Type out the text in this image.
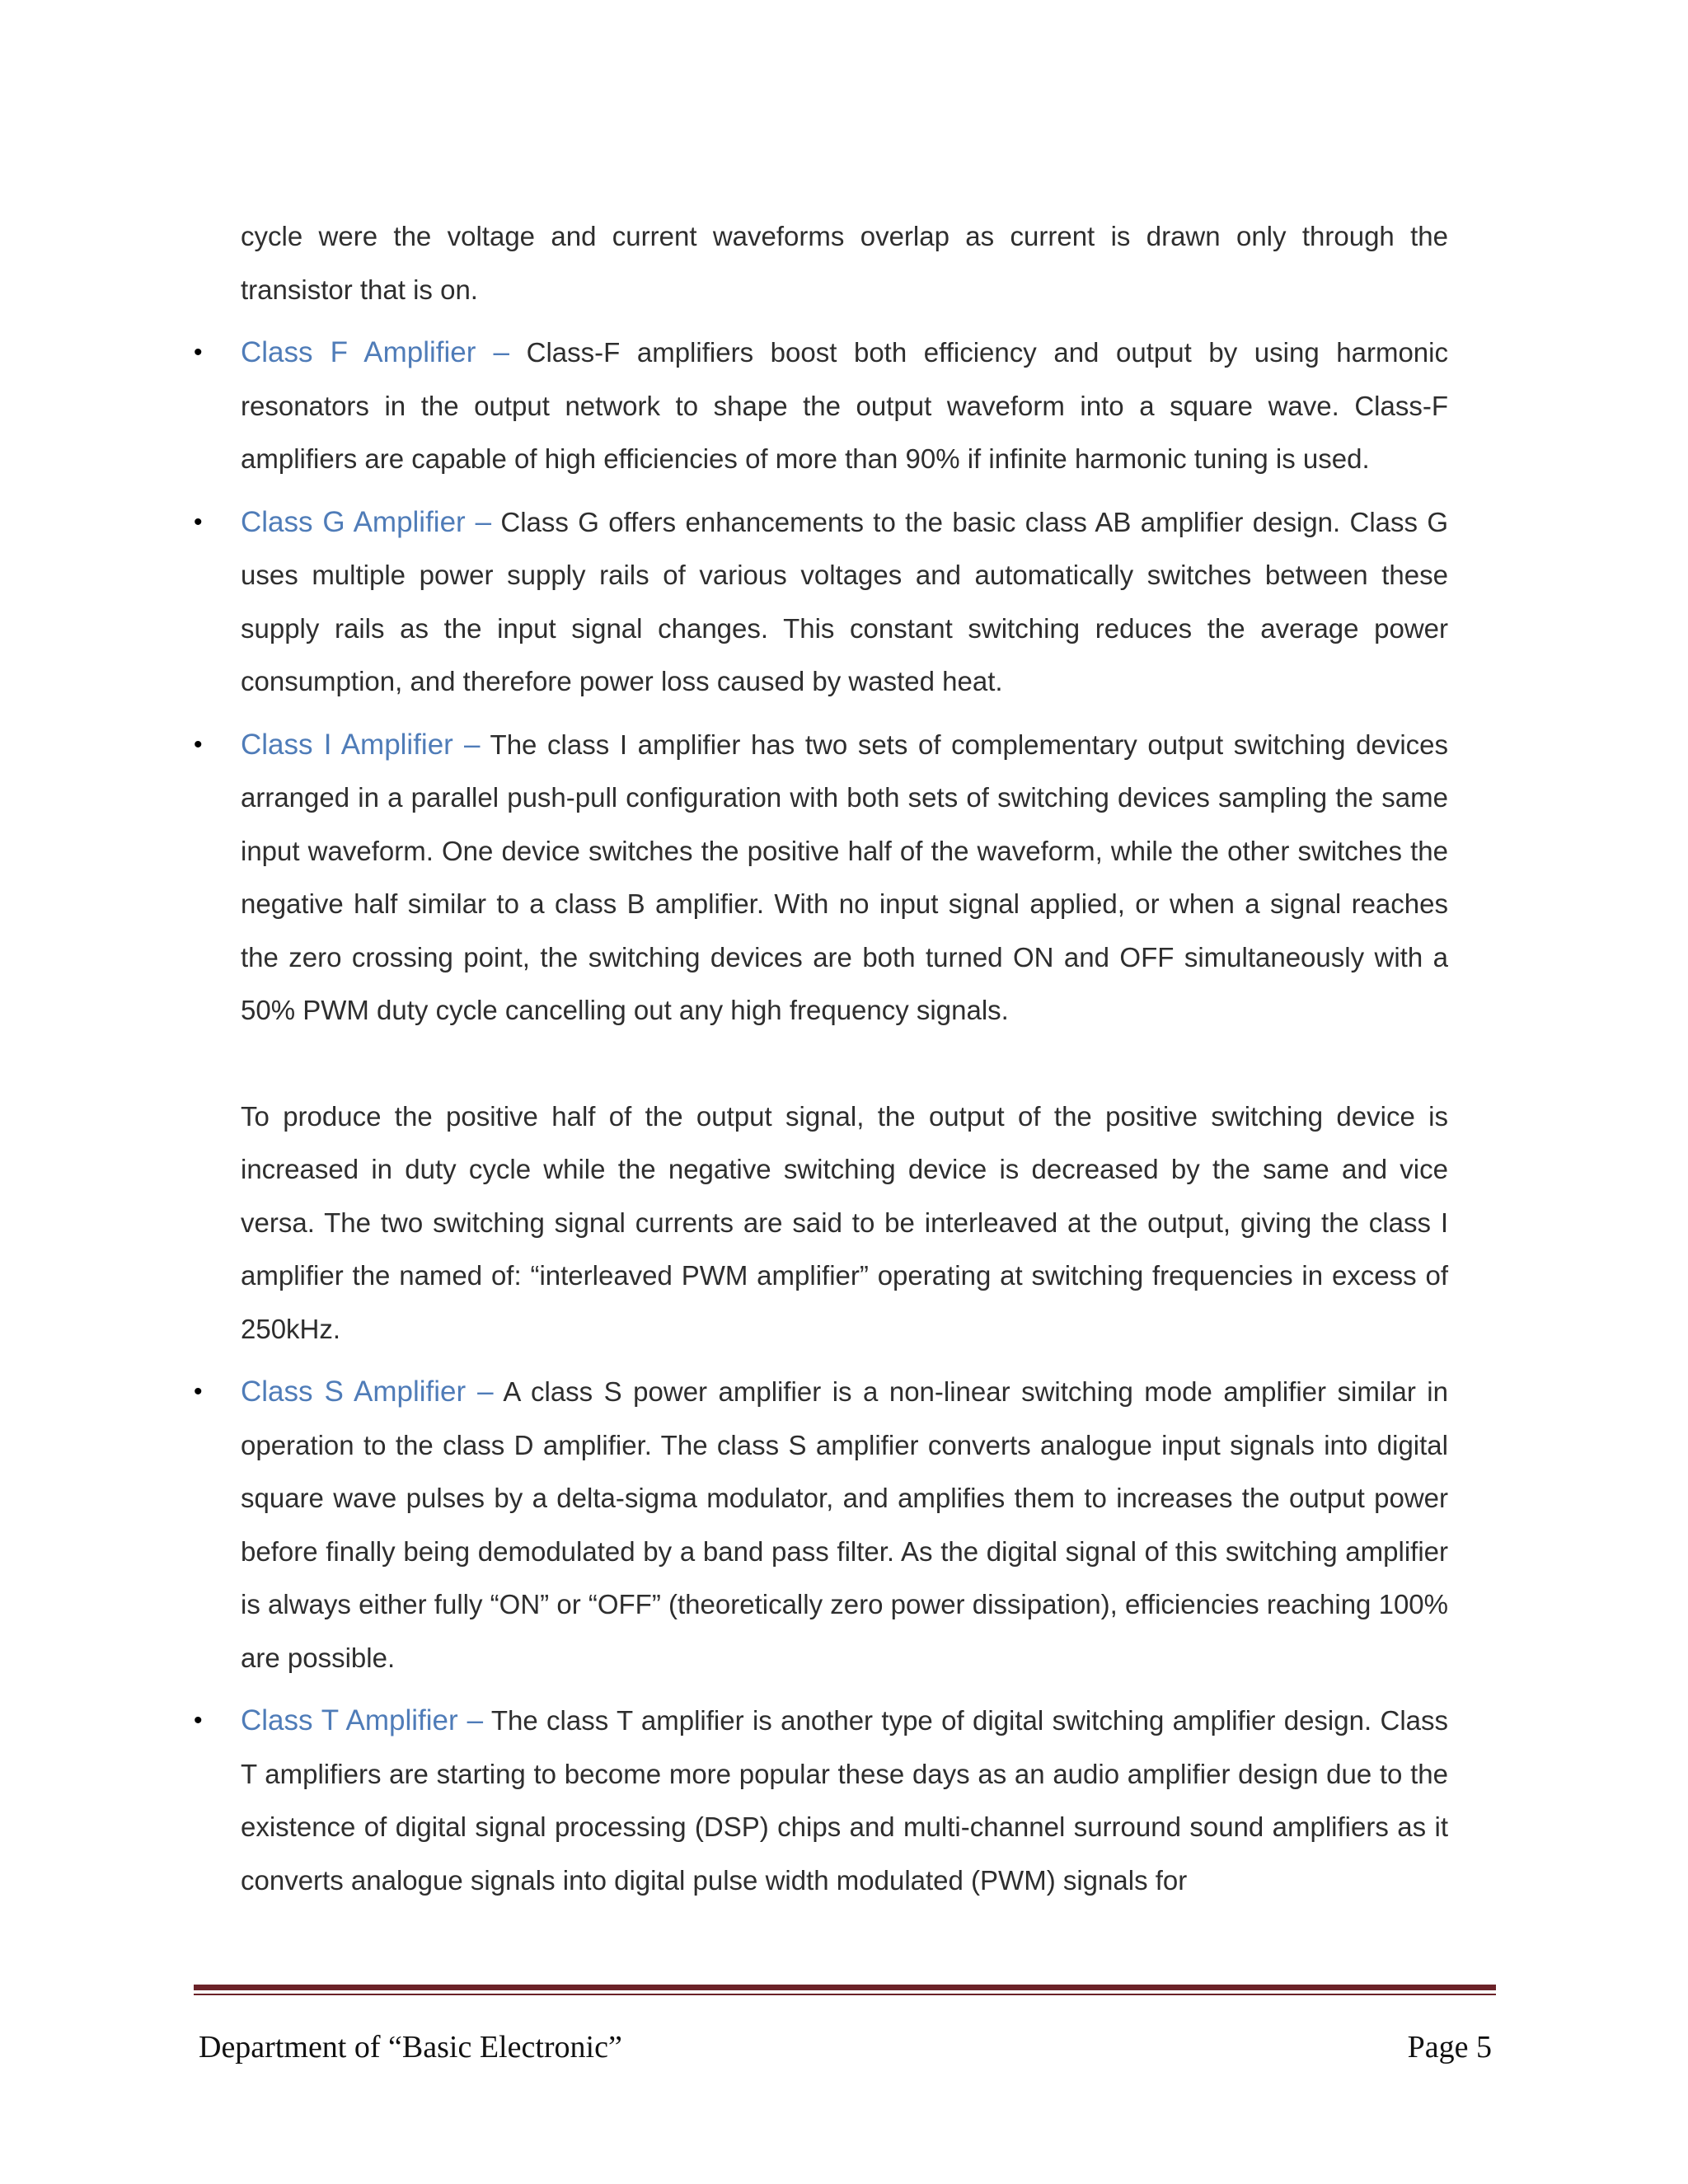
cycle were the voltage and current waveforms overlap as current is drawn only through the transistor that is on.

• Class F Amplifier – Class-F amplifiers boost both efficiency and output by using harmonic resonators in the output network to shape the output waveform into a square wave. Class-F amplifiers are capable of high efficiencies of more than 90% if infinite harmonic tuning is used.

• Class G Amplifier – Class G offers enhancements to the basic class AB amplifier design. Class G uses multiple power supply rails of various voltages and automatically switches between these supply rails as the input signal changes. This constant switching reduces the average power consumption, and therefore power loss caused by wasted heat.

• Class I Amplifier – The class I amplifier has two sets of complementary output switching devices arranged in a parallel push-pull configuration with both sets of switching devices sampling the same input waveform. One device switches the positive half of the waveform, while the other switches the negative half similar to a class B amplifier. With no input signal applied, or when a signal reaches the zero crossing point, the switching devices are both turned ON and OFF simultaneously with a 50% PWM duty cycle cancelling out any high frequency signals.

To produce the positive half of the output signal, the output of the positive switching device is increased in duty cycle while the negative switching device is decreased by the same and vice versa. The two switching signal currents are said to be interleaved at the output, giving the class I amplifier the named of: “interleaved PWM amplifier” operating at switching frequencies in excess of 250kHz.

• Class S Amplifier – A class S power amplifier is a non-linear switching mode amplifier similar in operation to the class D amplifier. The class S amplifier converts analogue input signals into digital square wave pulses by a delta-sigma modulator, and amplifies them to increases the output power before finally being demodulated by a band pass filter. As the digital signal of this switching amplifier is always either fully “ON” or “OFF” (theoretically zero power dissipation), efficiencies reaching 100% are possible.

• Class T Amplifier – The class T amplifier is another type of digital switching amplifier design. Class T amplifiers are starting to become more popular these days as an audio amplifier design due to the existence of digital signal processing (DSP) chips and multi-channel surround sound amplifiers as it converts analogue signals into digital pulse width modulated (PWM) signals for

Department of “Basic Electronic”	Page 5
